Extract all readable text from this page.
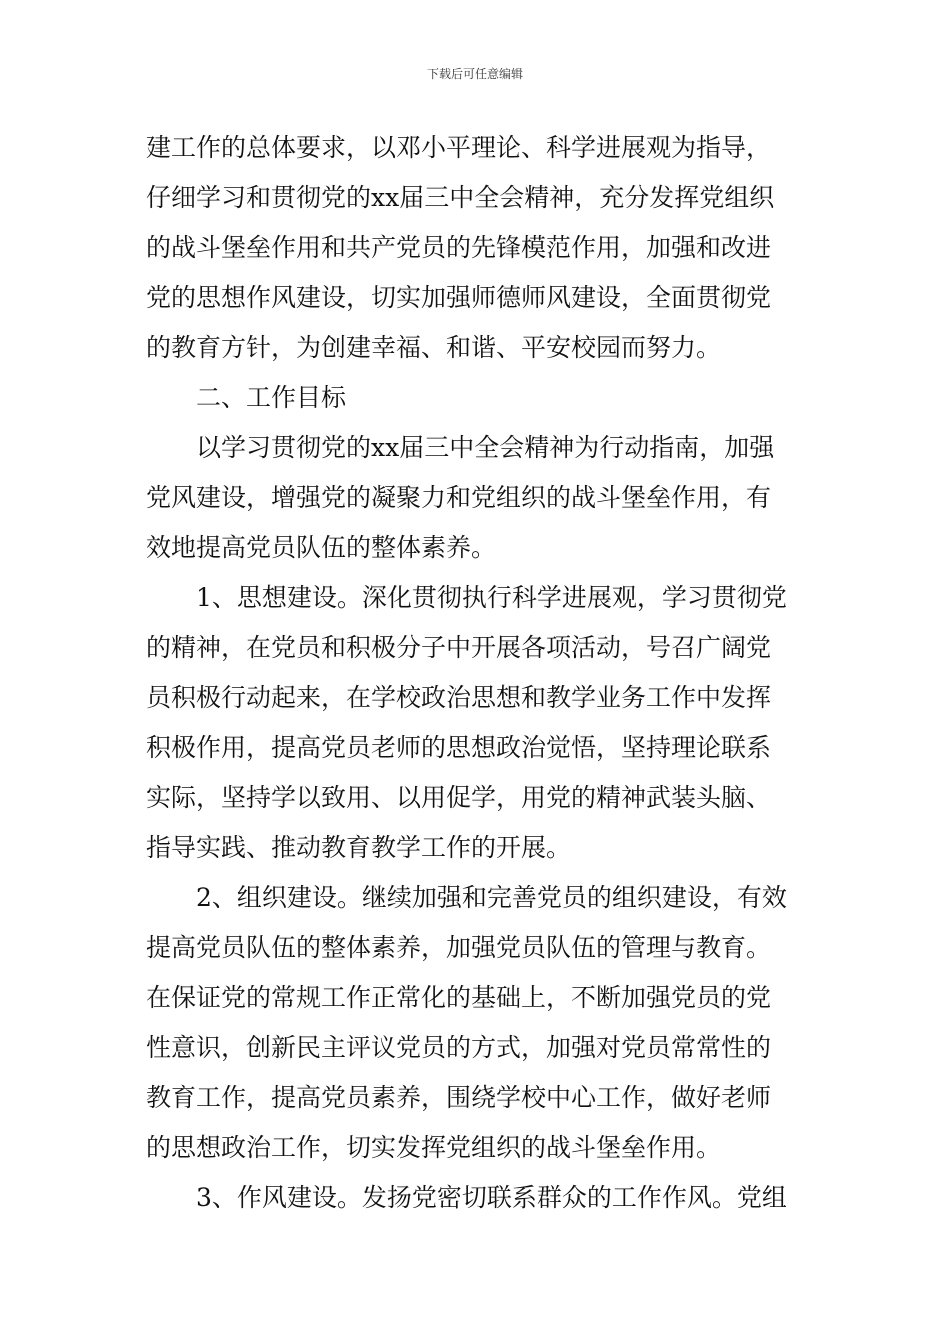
下载后可任意编辑
建工作的总体要求，以邓小平理论、科学进展观为指导，
仔细学习和贯彻党的xx届三中全会精神，充分发挥党组织
的战斗堡垒作用和共产党员的先锋模范作用，加强和改进
党的思想作风建设，切实加强师德师风建设，全面贯彻党
的教育方针，为创建幸福、和谐、平安校园而努力。
二、工作目标
以学习贯彻党的xx届三中全会精神为行动指南，加强
党风建设，增强党的凝聚力和党组织的战斗堡垒作用，有
效地提高党员队伍的整体素养。
1、思想建设。深化贯彻执行科学进展观，学习贯彻党
的精神，在党员和积极分子中开展各项活动，号召广阔党
员积极行动起来，在学校政治思想和教学业务工作中发挥
积极作用，提高党员老师的思想政治觉悟，坚持理论联系
实际，坚持学以致用、以用促学，用党的精神武装头脑、
指导实践、推动教育教学工作的开展。
2、组织建设。继续加强和完善党员的组织建设，有效
提高党员队伍的整体素养，加强党员队伍的管理与教育。
在保证党的常规工作正常化的基础上，不断加强党员的党
性意识，创新民主评议党员的方式，加强对党员常常性的
教育工作，提高党员素养，围绕学校中心工作，做好老师
的思想政治工作，切实发挥党组织的战斗堡垒作用。
3、作风建设。发扬党密切联系群众的工作作风。党组
